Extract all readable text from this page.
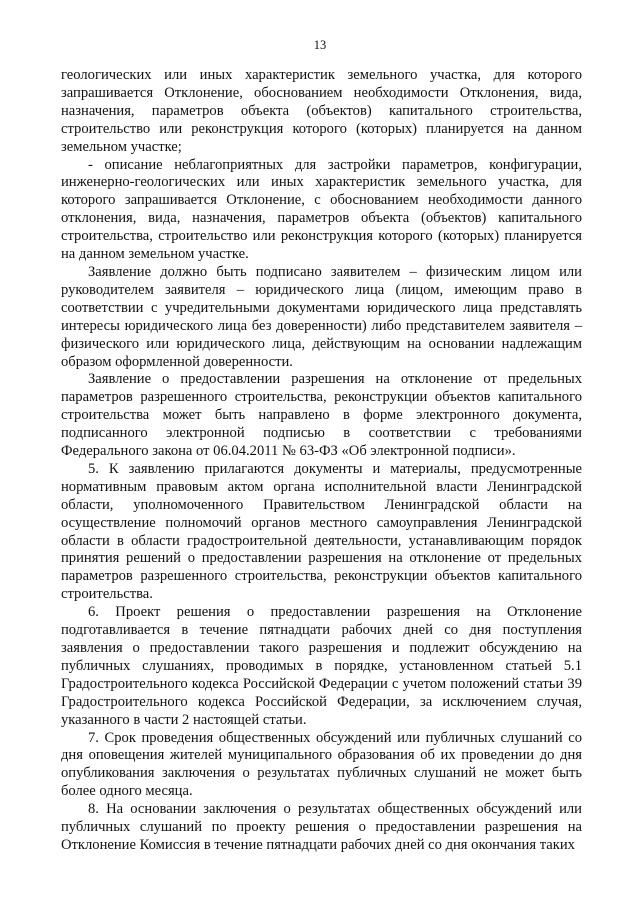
13

геологических или иных характеристик земельного участка, для которого запрашивается Отклонение, обоснованием необходимости Отклонения, вида, назначения, параметров объекта (объектов) капитального строительства, строительство или реконструкция которого (которых) планируется на данном земельном участке;

- описание неблагоприятных для застройки параметров, конфигурации, инженерно-геологических или иных характеристик земельного участка, для которого запрашивается Отклонение, с обоснованием необходимости данного отклонения, вида, назначения, параметров объекта (объектов) капитального строительства, строительство или реконструкция которого (которых) планируется на данном земельном участке.

Заявление должно быть подписано заявителем – физическим лицом или руководителем заявителя – юридического лица (лицом, имеющим право в соответствии с учредительными документами юридического лица представлять интересы юридического лица без доверенности) либо представителем заявителя – физического или юридического лица, действующим на основании надлежащим образом оформленной доверенности.

Заявление о предоставлении разрешения на отклонение от предельных параметров разрешенного строительства, реконструкции объектов капитального строительства может быть направлено в форме электронного документа, подписанного электронной подписью в соответствии с требованиями Федерального закона от 06.04.2011 № 63-ФЗ «Об электронной подписи».

5. К заявлению прилагаются документы и материалы, предусмотренные нормативным правовым актом органа исполнительной власти Ленинградской области, уполномоченного Правительством Ленинградской области на осуществление полномочий органов местного самоуправления Ленинградской области в области градостроительной деятельности, устанавливающим порядок принятия решений о предоставлении разрешения на отклонение от предельных параметров разрешенного строительства, реконструкции объектов капитального строительства.

6. Проект решения о предоставлении разрешения на Отклонение подготавливается в течение пятнадцати рабочих дней со дня поступления заявления о предоставлении такого разрешения и подлежит обсуждению на публичных слушаниях, проводимых в порядке, установленном статьей 5.1 Градостроительного кодекса Российской Федерации с учетом положений статьи 39 Градостроительного кодекса Российской Федерации, за исключением случая, указанного в части 2 настоящей статьи.

7. Срок проведения общественных обсуждений или публичных слушаний со дня оповещения жителей муниципального образования об их проведении до дня опубликования заключения о результатах публичных слушаний не может быть более одного месяца.

8. На основании заключения о результатах общественных обсуждений или публичных слушаний по проекту решения о предоставлении разрешения на Отклонение Комиссия в течение пятнадцати рабочих дней со дня окончания таких
